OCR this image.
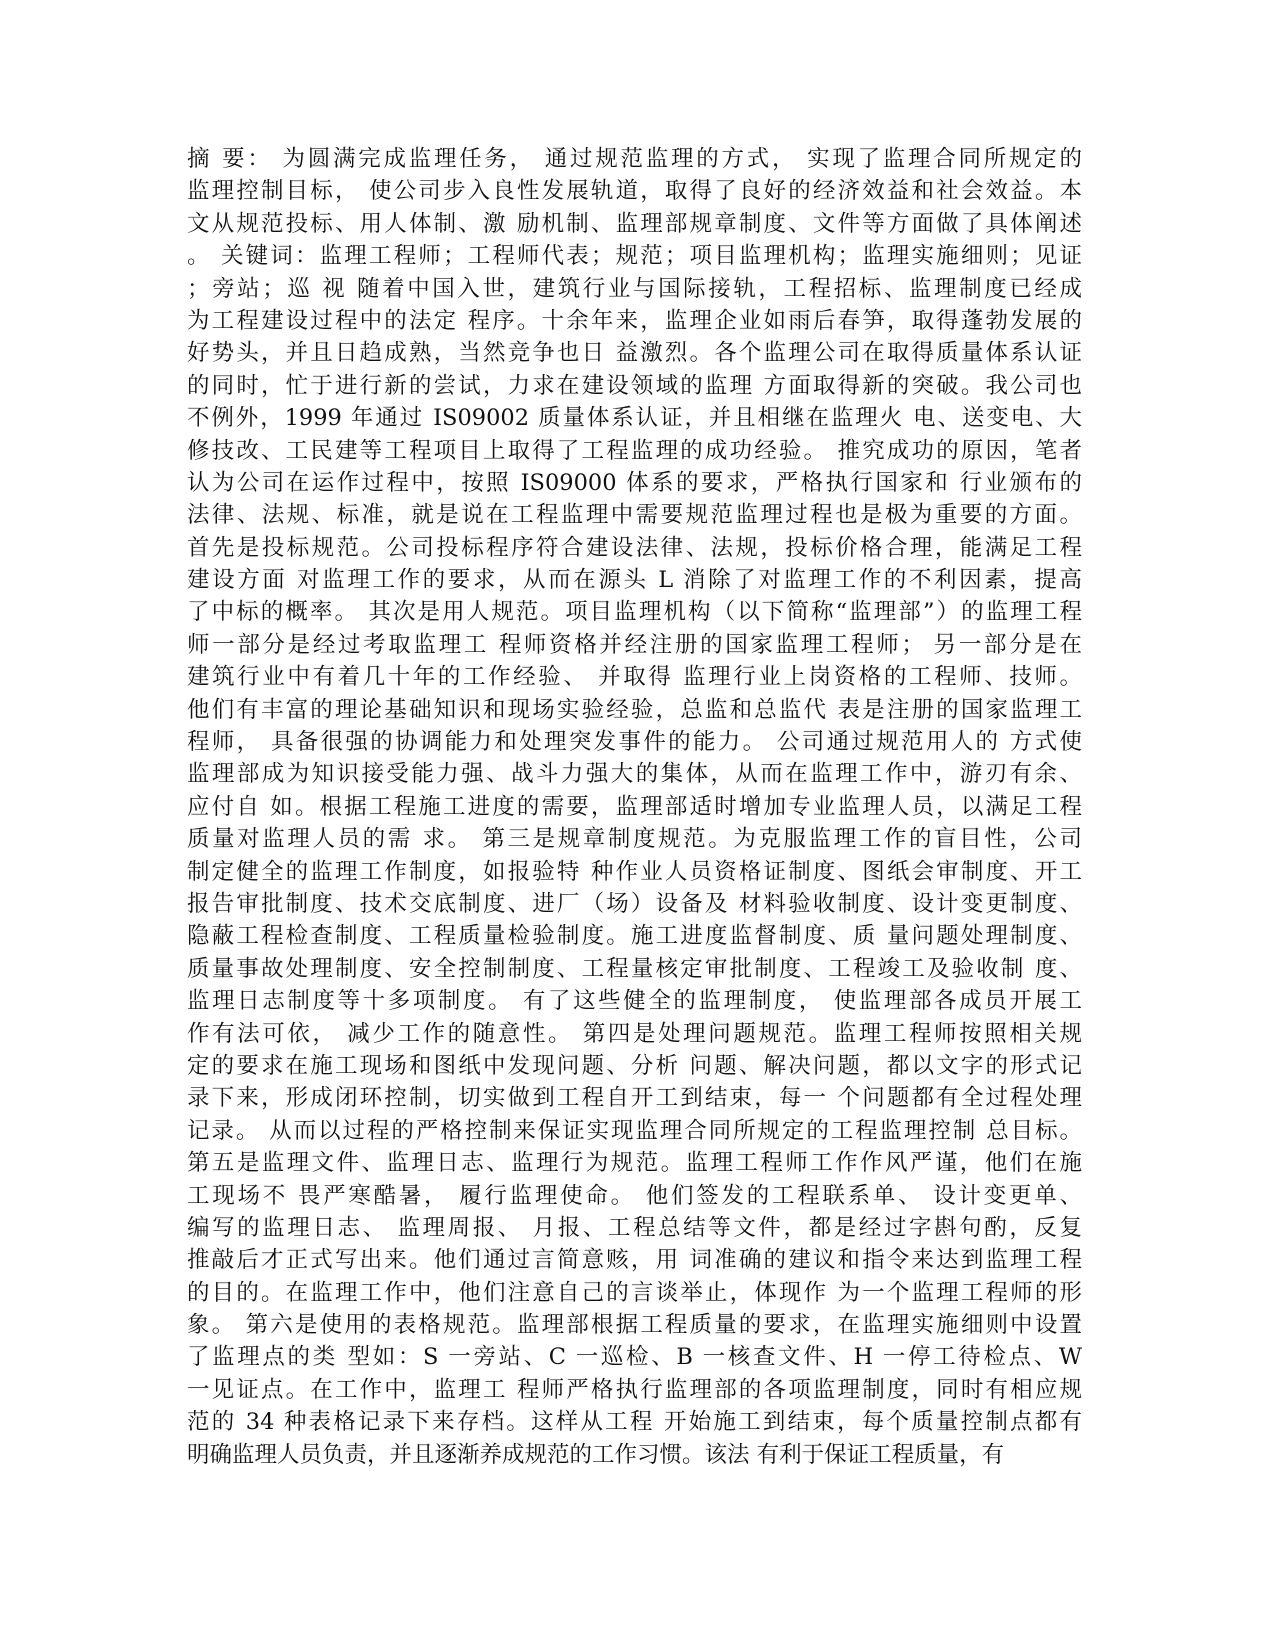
摘 要： 为圆满完成监理任务， 通过规范监理的方式， 实现了监理合同所规定的
监理控制目标， 使公司步入良性发展轨道，取得了良好的经济效益和社会效益。本
文从规范投标、用人体制、激 励机制、监理部规章制度、文件等方面做了具体阐述
。 关键词：监理工程师；工程师代表；规范；项目监理机构；监理实施细则；见证
；旁站；巡 视 随着中国入世，建筑行业与国际接轨，工程招标、监理制度已经成
为工程建设过程中的法定 程序。十余年来，监理企业如雨后春笋，取得蓬勃发展的
好势头，并且日趋成熟，当然竞争也日 益激烈。各个监理公司在取得质量体系认证
的同时，忙于进行新的尝试，力求在建设领域的监理 方面取得新的突破。我公司也
不例外，1999 年通过 IS09002 质量体系认证，并且相继在监理火 电、送变电、大
修技改、工民建等工程项目上取得了工程监理的成功经验。 推究成功的原因，笔者
认为公司在运作过程中，按照 IS09000 体系的要求，严格执行国家和 行业颁布的
法律、法规、标准，就是说在工程监理中需要规范监理过程也是极为重要的方面。
首先是投标规范。公司投标程序符合建设法律、法规，投标价格合理，能满足工程
建设方面 对监理工作的要求，从而在源头 L 消除了对监理工作的不利因素，提高
了中标的概率。 其次是用人规范。项目监理机构（以下简称“监理部”）的监理工程
师一部分是经过考取监理工 程师资格并经注册的国家监理工程师； 另一部分是在
建筑行业中有着几十年的工作经验、 并取得 监理行业上岗资格的工程师、技师。
他们有丰富的理论基础知识和现场实验经验，总监和总监代 表是注册的国家监理工
程师， 具备很强的协调能力和处理突发事件的能力。 公司通过规范用人的 方式使
监理部成为知识接受能力强、战斗力强大的集体，从而在监理工作中，游刃有余、
应付自 如。根据工程施工进度的需要，监理部适时增加专业监理人员，以满足工程
质量对监理人员的需 求。 第三是规章制度规范。为克服监理工作的盲目性，公司
制定健全的监理工作制度，如报验特 种作业人员资格证制度、图纸会审制度、开工
报告审批制度、技术交底制度、进厂（场）设备及 材料验收制度、设计变更制度、
隐蔽工程检查制度、工程质量检验制度。施工进度监督制度、质 量问题处理制度、
质量事故处理制度、安全控制制度、工程量核定审批制度、工程竣工及验收制 度、
监理日志制度等十多项制度。 有了这些健全的监理制度， 使监理部各成员开展工
作有法可依， 减少工作的随意性。 第四是处理问题规范。监理工程师按照相关规
定的要求在施工现场和图纸中发现问题、分析 问题、解决问题，都以文字的形式记
录下来，形成闭环控制，切实做到工程自开工到结束，每一 个问题都有全过程处理
记录。 从而以过程的严格控制来保证实现监理合同所规定的工程监理控制 总目标。
第五是监理文件、监理日志、监理行为规范。监理工程师工作作风严谨，他们在施
工现场不 畏严寒酷暑， 履行监理使命。 他们签发的工程联系单、 设计变更单、
编写的监理日志、 监理周报、 月报、工程总结等文件，都是经过字斟句酌，反复
推敲后才正式写出来。他们通过言简意赅，用 词准确的建议和指令来达到监理工程
的目的。在监理工作中，他们注意自己的言谈举止，体现作 为一个监理工程师的形
象。 第六是使用的表格规范。监理部根据工程质量的要求，在监理实施细则中设置
了监理点的类 型如：S 一旁站、C 一巡检、B 一核查文件、H 一停工待检点、W
一见证点。在工作中，监理工 程师严格执行监理部的各项监理制度，同时有相应规
范的 34 种表格记录下来存档。这样从工程 开始施工到结束，每个质量控制点都有
明确监理人员负责，并且逐渐养成规范的工作习惯。该法 有利于保证工程质量，有
